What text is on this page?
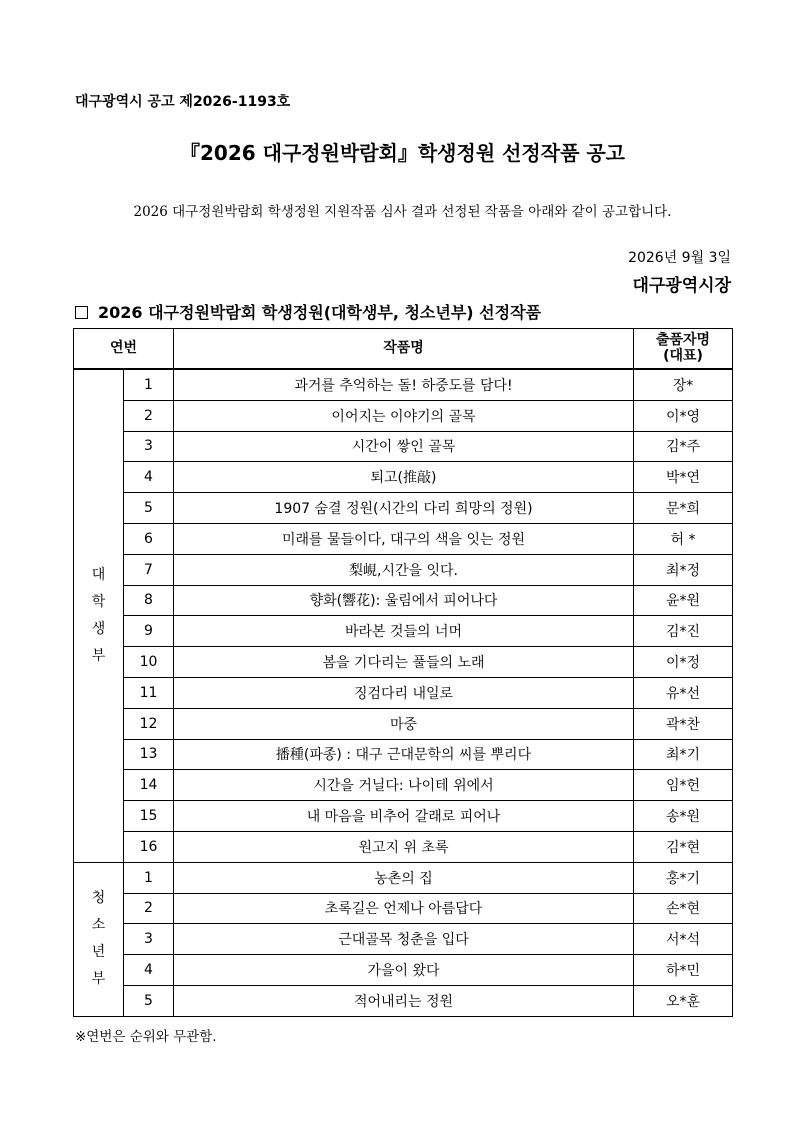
대구광역시 공고 제2026-1193호
『2026 대구정원박람회』학생정원 선정작품 공고
2026 대구정원박람회 학생정원 지원작품 심사 결과 선정된 작품을 아래와 같이 공고합니다.
2026년 9월 3일
대구광역시장
2026 대구정원박람회 학생정원(대학생부, 청소년부) 선정작품
연번		작품명	출품자명
(대표)

대
학
생
부	1	과거를 추억하는 돌! 하중도를 담다!	장*
	2	이어지는 이야기의 골목	이*영
	3	시간이 쌓인 골목	김*주
	4	퇴고(推敲)	박*연
	5	1907 숨결 정원(시간의 다리 희망의 정원)	문*희
	6	미래를 물들이다, 대구의 색을 잇는 정원	허 *
	7	梨峴,시간을 잇다.	최*정
	8	향화(響花): 울림에서 피어나다	윤*원
	9	바라본 것들의 너머	김*진
	10	봄을 기다리는 풀들의 노래	이*정
	11	징검다리 내일로	유*선
	12	마중	곽*찬
	13	播種(파종) : 대구 근대문학의 씨를 뿌리다	최*기
	14	시간을 거닐다: 나이테 위에서	임*헌
	15	내 마음을 비추어 갈래로 피어나	송*원
	16	원고지 위 초록	김*현

청
소
년
부	1	농촌의 집	홍*기
	2	초록길은 언제나 아름답다	손*현
	3	근대골목 청춘을 입다	서*석
	4	가을이 왔다	하*민
	5	적어내리는 정원	오*훈
※연번은 순위와 무관함.
